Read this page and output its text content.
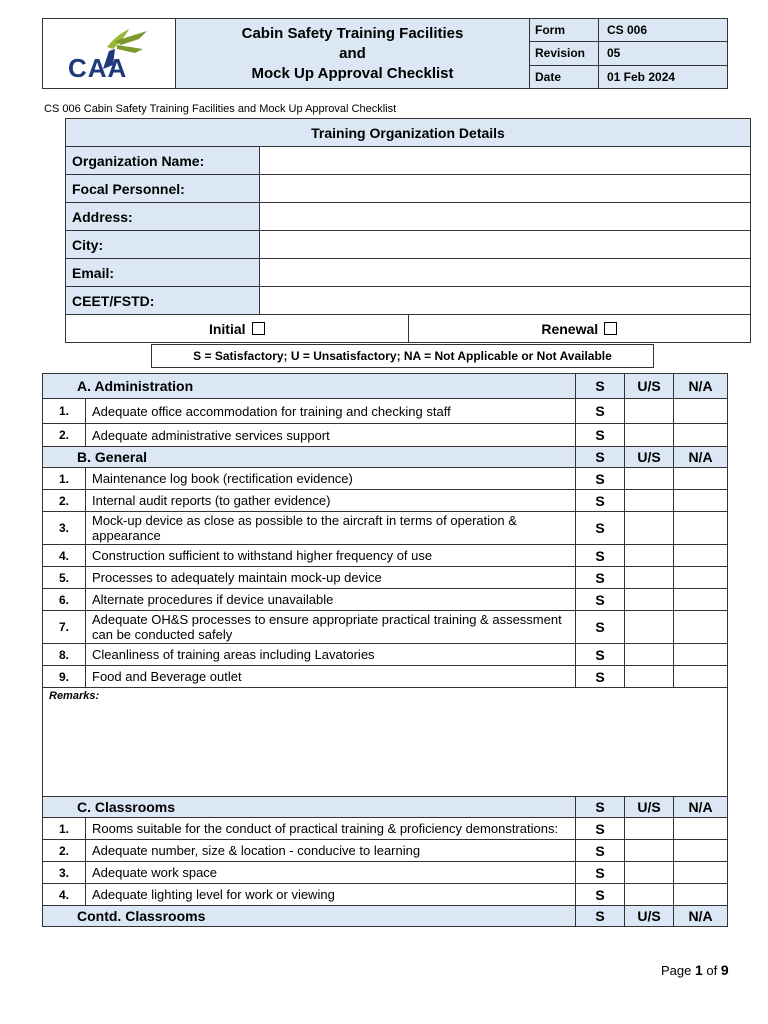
CAA	Cabin Safety Training Facilities
and
Mock Up Approval Checklist	Form	CS 006
		Revision	05
		Date	01 Feb 2024
CS 006 Cabin Safety Training Facilities and Mock Up Approval Checklist
Training Organization Details
Organization Name:	
Focal Personnel:	
Address:	
City:	
Email:	
CEET/FSTD:	

Initial	Renewal
S = Satisfactory; U = Unsatisfactory; NA = Not Applicable or Not Available
A. Administration		S	U/S	N/A
1.	Adequate office accommodation for training and checking staff	S		
2.	Adequate administrative services support	S		
B. General		S	U/S	N/A
1.	Maintenance log book (rectification evidence)	S		
2.	Internal audit reports (to gather evidence)	S		
3.	Mock-up device as close as possible to the aircraft in terms of operation & appearance	S		
4.	Construction sufficient to withstand higher frequency of use	S		
5.	Processes to adequately maintain mock-up device	S		
6.	Alternate procedures if device unavailable	S		
7.	Adequate OH&S processes to ensure appropriate practical training & assessment can be conducted safely	S		
8.	Cleanliness of training areas including Lavatories	S		
9.	Food and Beverage outlet	S		
Remarks:				
C. Classrooms		S	U/S	N/A
1.	Rooms suitable for the conduct of practical training & proficiency demonstrations:	S		
2.	Adequate number, size & location - conducive to learning	S		
3.	Adequate work space	S		
4.	Adequate lighting level for work or viewing	S		
Contd. Classrooms		S	U/S	N/A
Page 1 of 9
